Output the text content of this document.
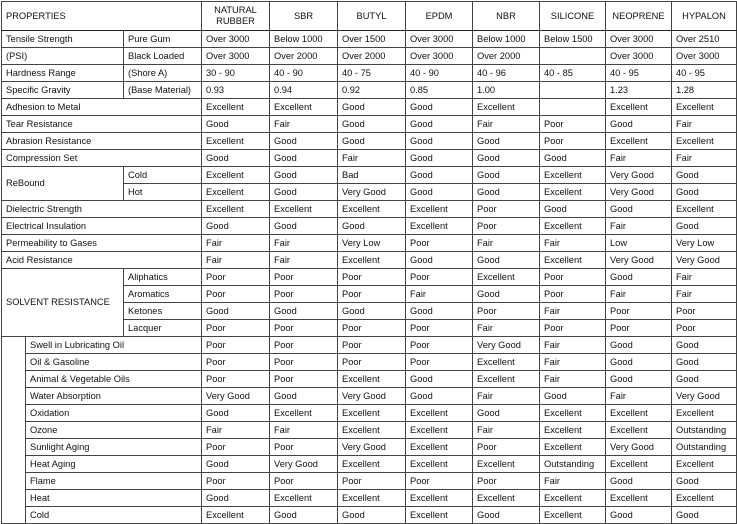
PROPERTIES			NATURAL
RUBBER	SBR	BUTYL	EPDM	NBR	SILICONE	NEOPRENE	HYPALON
Tensile Strength		Pure Gum	Over 3000	Below 1000	Over 1500	Over 3000	Below 1000	Below 1500	Over 3000	Over 2510
(PSI)		Black Loaded	Over 3000	Over 2000	Over 2000	Over 3000	Over 2000		Over 3000	Over 3000
Hardness Range		(Shore A)	30 - 90	40 - 90	40 - 75	40 - 90	40 - 96	40 - 85	40 - 95	40 - 95
Specific Gravity		(Base Material)	0.93	0.94	0.92	0.85	1.00		1.23	1.28
Adhesion to Metal			Excellent	Excellent	Good	Good	Excellent		Excellent	Excellent
Tear Resistance			Good	Fair	Good	Good	Fair	Poor	Good	Fair
Abrasion Resistance			Excellent	Good	Good	Good	Good	Poor	Excellent	Excellent
Compression Set			Good	Good	Fair	Good	Good	Good	Fair	Fair
ReBound		Cold	Excellent	Good	Bad	Good	Good	Excellent	Very Good	Good
		Hot	Excellent	Good	Very Good	Good	Good	Excellent	Very Good	Good
Dielectric Strength			Excellent	Excellent	Excellent	Excellent	Poor	Good	Good	Excellent
Electrical Insulation			Good	Good	Good	Excellent	Poor	Excellent	Fair	Good
Permeability to Gases			Fair	Fair	Very Low	Poor	Fair	Fair	Low	Very Low
Acid Resistance			Fair	Fair	Excellent	Good	Good	Excellent	Very Good	Very Good
SOLVENT RESISTANCE		Aliphatics	Poor	Poor	Poor	Poor	Excellent	Poor	Good	Fair
		Aromatics	Poor	Poor	Poor	Fair	Good	Poor	Fair	Fair
		Ketones	Good	Good	Good	Good	Poor	Fair	Poor	Poor
		Lacquer	Poor	Poor	Poor	Poor	Fair	Poor	Poor	Poor
	Swell in Lubricating Oil		Poor	Poor	Poor	Poor	Very Good	Fair	Good	Good
	Oil & Gasoline		Poor	Poor	Poor	Poor	Excellent	Fair	Good	Good
	Animal & Vegetable Oils		Poor	Poor	Excellent	Good	Excellent	Fair	Good	Good
	Water Absorption		Very Good	Good	Very Good	Good	Fair	Good	Fair	Very Good
	Oxidation		Good	Excellent	Excellent	Excellent	Good	Excellent	Excellent	Excellent
	Ozone		Fair	Fair	Excellent	Excellent	Fair	Excellent	Excellent	Outstanding
	Sunlight Aging		Poor	Poor	Very Good	Excellent	Poor	Excellent	Very Good	Outstanding
	Heat Aging		Good	Very Good	Excellent	Excellent	Excellent	Outstanding	Excellent	Excellent
	Flame		Poor	Poor	Poor	Poor	Poor	Fair	Good	Good
	Heat		Good	Excellent	Excellent	Excellent	Excellent	Excellent	Excellent	Excellent
	Cold		Excellent	Good	Good	Excellent	Good	Excellent	Good	Good
